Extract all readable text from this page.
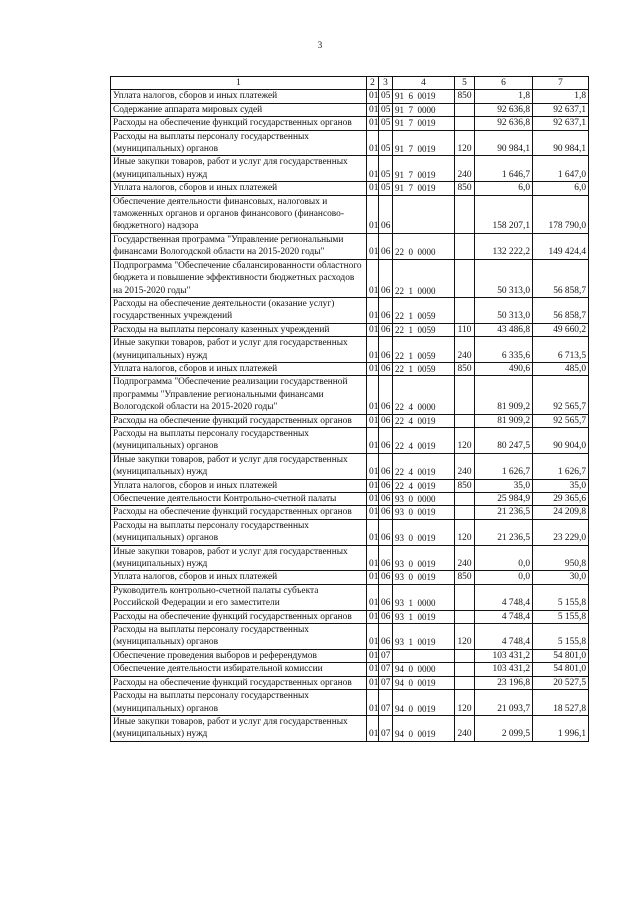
3
1	2	3	4	5	6	7
Уплата налогов, сборов и иных платежей	01	05	91  6  0019	850	1,8	1,8
Содержание аппарата мировых судей	01	05	91  7  0000		92 636,8	92 637,1
Расходы на обеспечение функций государственных органов	01	05	91  7  0019		92 636,8	92 637,1
Расходы на выплаты персоналу государственных (муниципальных) органов	01	05	91  7  0019	120	90 984,1	90 984,1
Иные закупки товаров, работ и услуг для государственных (муниципальных) нужд	01	05	91  7  0019	240	1 646,7	1 647,0
Уплата налогов, сборов и иных платежей	01	05	91  7  0019	850	6,0	6,0
Обеспечение деятельности финансовых, налоговых и таможенных органов и органов финансового (финансово-бюджетного) надзора	01	06			158 207,1	178 790,0
Государственная программа "Управление региональными финансами Вологодской области на 2015-2020 годы"	01	06	22  0  0000		132 222,2	149 424,4
Подпрограмма "Обеспечение сбалансированности областного бюджета и повышение эффективности бюджетных расходов на 2015-2020 годы"	01	06	22  1  0000		50 313,0	56 858,7
Расходы на обеспечение деятельности (оказание услуг) государственных учреждений	01	06	22  1  0059		50 313,0	56 858,7
Расходы на выплаты персоналу казенных учреждений	01	06	22  1  0059	110	43 486,8	49 660,2
Иные закупки товаров, работ и услуг для государственных (муниципальных) нужд	01	06	22  1  0059	240	6 335,6	6 713,5
Уплата налогов, сборов и иных платежей	01	06	22  1  0059	850	490,6	485,0
Подпрограмма "Обеспечение реализации государственной программы "Управление региональными финансами Вологодской области на 2015-2020 годы"	01	06	22  4  0000		81 909,2	92 565,7
Расходы на обеспечение функций государственных органов	01	06	22  4  0019		81 909,2	92 565,7
Расходы на выплаты персоналу государственных (муниципальных) органов	01	06	22  4  0019	120	80 247,5	90 904,0
Иные закупки товаров, работ и услуг для государственных (муниципальных) нужд	01	06	22  4  0019	240	1 626,7	1 626,7
Уплата налогов, сборов и иных платежей	01	06	22  4  0019	850	35,0	35,0
Обеспечение деятельности Контрольно-счетной палаты	01	06	93  0  0000		25 984,9	29 365,6
Расходы на обеспечение функций государственных органов	01	06	93  0  0019		21 236,5	24 209,8
Расходы на выплаты персоналу государственных (муниципальных) органов	01	06	93  0  0019	120	21 236,5	23 229,0
Иные закупки товаров, работ и услуг для государственных (муниципальных) нужд	01	06	93  0  0019	240	0,0	950,8
Уплата налогов, сборов и иных платежей	01	06	93  0  0019	850	0,0	30,0
Руководитель контрольно-счетной палаты субъекта Российской Федерации и его заместители	01	06	93  1  0000		4 748,4	5 155,8
Расходы на обеспечение функций государственных органов	01	06	93  1  0019		4 748,4	5 155,8
Расходы на выплаты персоналу государственных (муниципальных) органов	01	06	93  1  0019	120	4 748,4	5 155,8
Обеспечение проведения выборов и референдумов	01	07			103 431,2	54 801,0
Обеспечение деятельности избирательной комиссии	01	07	94  0  0000		103 431,2	54 801,0
Расходы на обеспечение функций государственных органов	01	07	94  0  0019		23 196,8	20 527,5
Расходы на выплаты персоналу государственных (муниципальных) органов	01	07	94  0  0019	120	21 093,7	18 527,8
Иные закупки товаров, работ и услуг для государственных (муниципальных) нужд	01	07	94  0  0019	240	2 099,5	1 996,1
